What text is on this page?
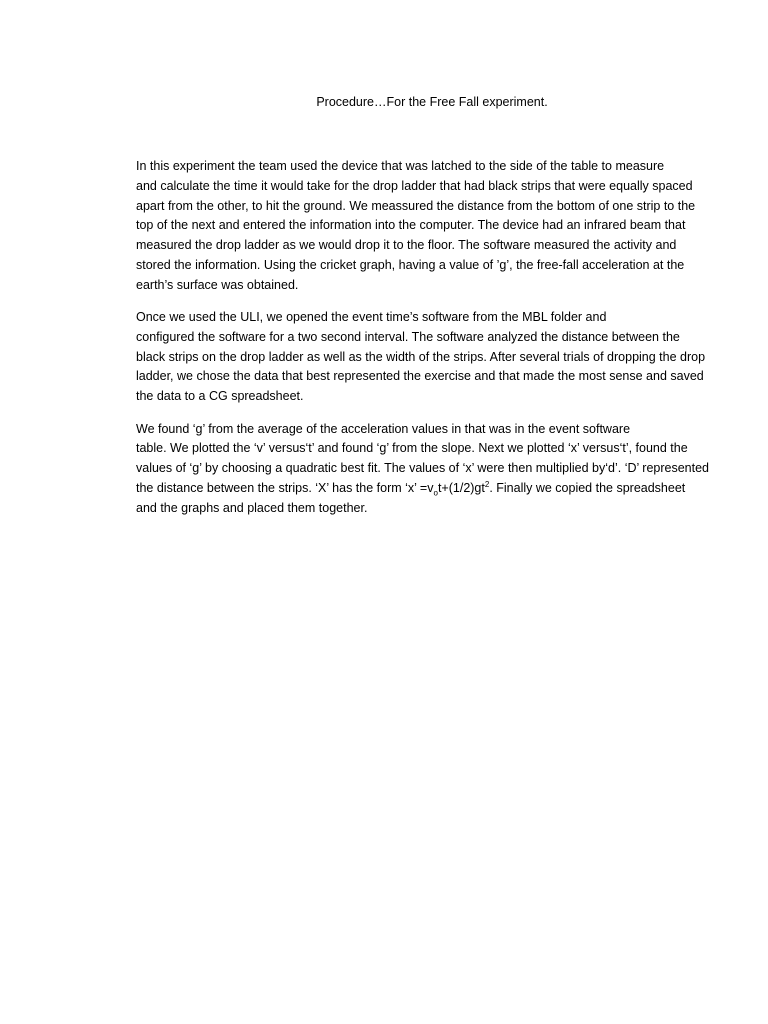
Procedure…For the Free Fall experiment.

In this experiment the team used the device that was latched to the side of the table to measure
and calculate the time it would take for the drop ladder that had black strips that were equally spaced
apart from the other, to hit the ground. We meassured the distance from the bottom of one strip to the
top of the next and entered the information into the computer. The device had an infrared beam that
measured the drop ladder as we would drop it to the floor. The software measured the activity and
stored the information. Using the cricket graph, having a value of ’g’, the free-fall acceleration at the
earth’s surface was obtained.

Once we used the ULI, we opened the event time’s software from the MBL folder and
configured the software for a two second interval. The software analyzed the distance between the
black strips on the drop ladder as well as the width of the strips. After several trials of dropping the drop
ladder, we chose the data that best represented the exercise and that made the most sense and saved
the data to a CG spreadsheet.

We found ‘g’ from the average of the acceleration values in that was in the event software
table. We plotted the ‘v’ versus‘t’ and found ‘g’ from the slope. Next we plotted ‘x’ versus‘t’, found the
values of ‘g’ by choosing a quadratic best fit. The values of ‘x’ were then multiplied by‘d’. ‘D’ represented
the distance between the strips. ‘X’ has the form ‘x’ $=v_ot+(1/2)gt^2$. Finally we copied the spreadsheet
and the graphs and placed them together.
